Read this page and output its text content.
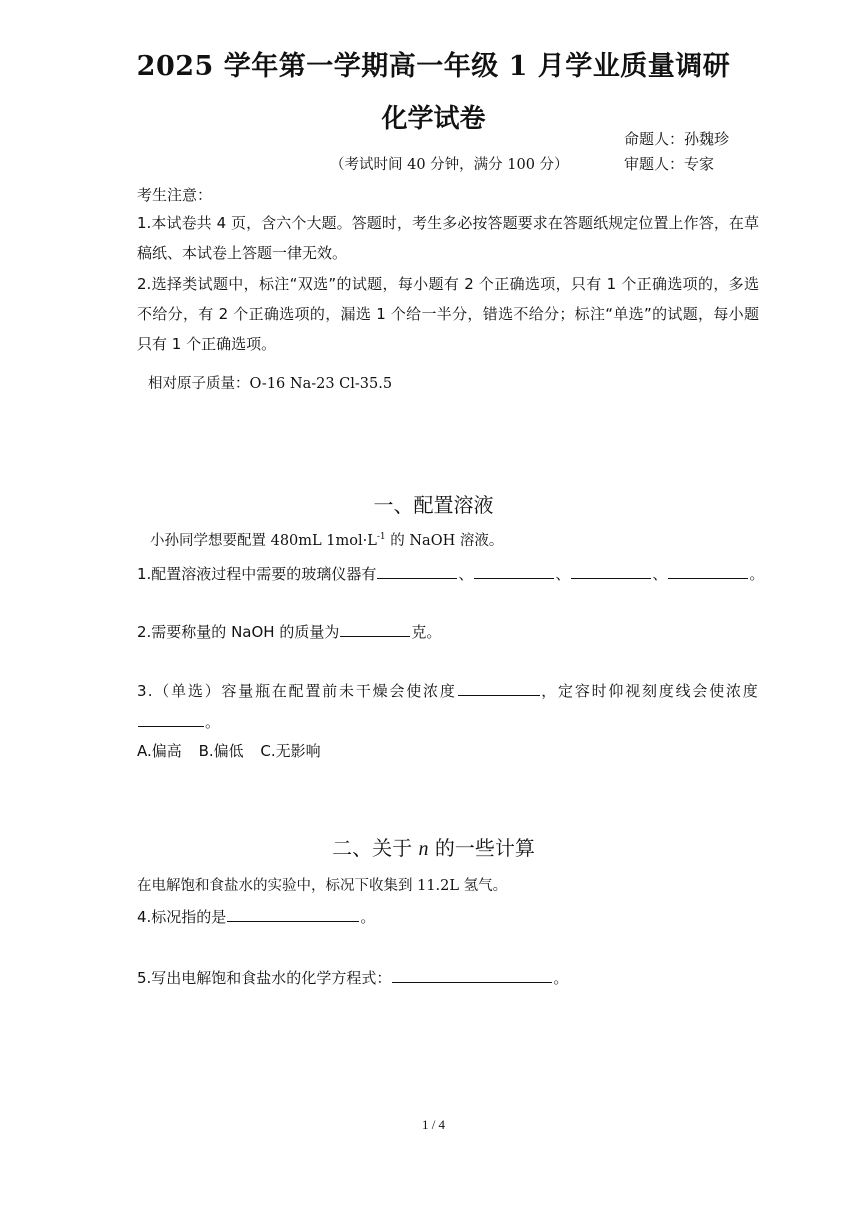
2025 学年第一学期高一年级 1 月学业质量调研
化学试卷
命题人：孙魏珍
（考试时间 40 分钟，满分 100 分）	审题人：专家
考生注意：
1.本试卷共 4 页，含六个大题。答题时，考生多必按答题要求在答题纸规定位置上作答，在草稿纸、本试卷上答题一律无效。
2.选择类试题中，标注“双选”的试题，每小题有 2 个正确选项，只有 1 个正确选项的，多选不给分，有 2 个正确选项的，漏选 1 个给一半分，错选不给分；标注“单选”的试题，每小题只有 1 个正确选项。
相对原子质量：O-16 Na-23 Cl-35.5
一、配置溶液
小孙同学想要配置 480mL $1mol\cdot L^{-1}$ 的 NaOH 溶液。
1.配置溶液过程中需要的玻璃仪器有	、	、	、	。
2.需要称量的 NaOH 的质量为	克。
3.（单选）容量瓶在配置前未干燥会使浓度	，定容时仰视刻度线会使浓度。
A.偏高 B.偏低 C.无影响
二、关于 n 的一些计算
在电解饱和食盐水的实验中，标况下收集到 11.2L 氢气。
4.标况指的是	。
5.写出电解饱和食盐水的化学方程式：	。
1 / 4
